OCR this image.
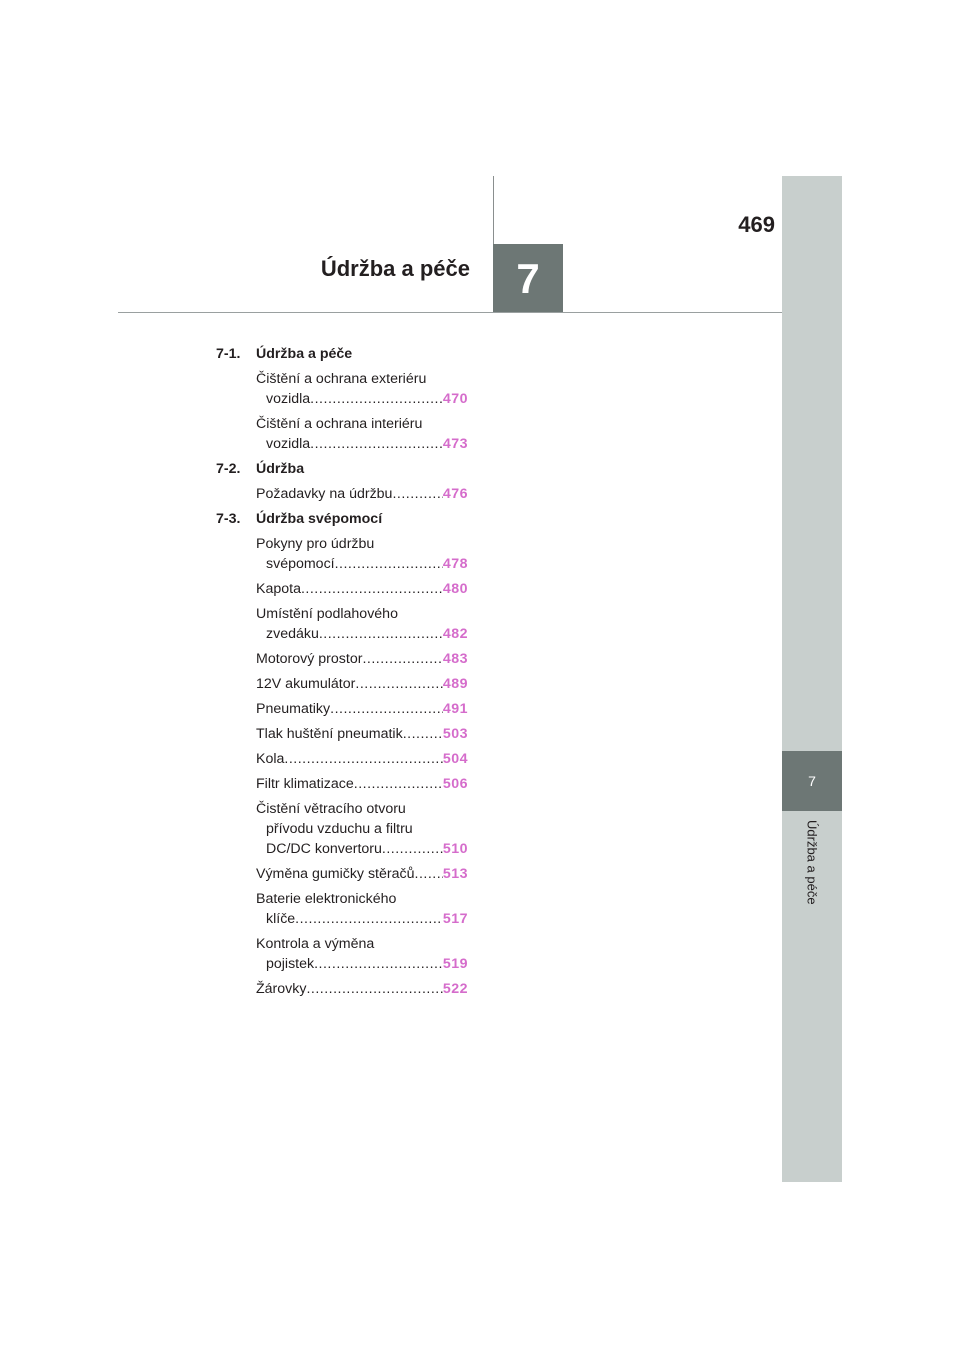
469
7
Údržba a péče
7
Údržba a péče
7-1.	Údržba a péče
Čištění a ochrana exteriéru
vozidla .....	470
Čištění a ochrana interiéru
vozidla .....	473
7-2.	Údržba
Požadavky na údržbu .....	476
7-3.	Údržba svépomocí
Pokyny pro údržbu
svépomocí .....	478
Kapota .....	480
Umístění podlahového
zvedáku .....	482
Motorový prostor .....	483
12V akumulátor .....	489
Pneumatiky .....	491
Tlak huštění pneumatik .....	503
Kola .....	504
Filtr klimatizace .....	506
Čistění větracího otvoru
přívodu vzduchu a filtru
DC/DC konvertoru .....	510
Výměna gumičky stěračů ..... 513
Baterie elektronického
klíče .....	517
Kontrola a výměna
pojistek .....	519
Žárovky .....	522
